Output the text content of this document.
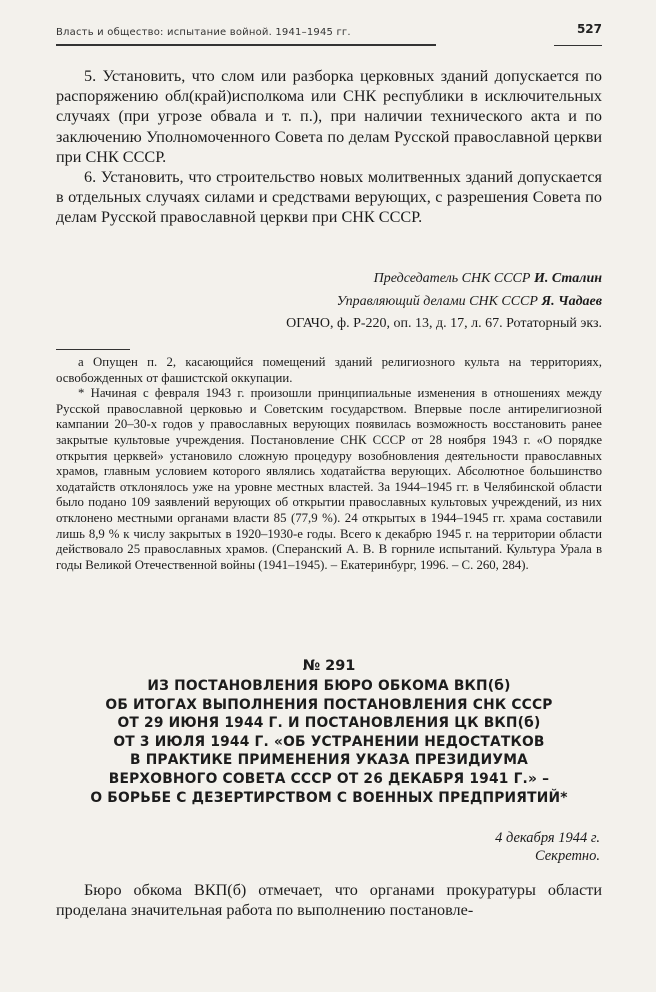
Власть и общество: испытание войной. 1941–1945 гг.	527

5. Установить, что слом или разборка церковных зданий допускается по распоряжению обл(край)исполкома или СНК республики в исключительных случаях (при угрозе обвала и т. п.), при наличии технического акта и по заключению Уполномоченного Совета по делам Русской православной церкви при СНК СССР.

6. Установить, что строительство новых молитвенных зданий допускается в отдельных случаях силами и средствами верующих, с разрешения Совета по делам Русской православной церкви при СНК СССР.

Председатель СНК СССР И. Сталин
Управляющий делами СНК СССР Я. Чадаев
ОГАЧО, ф. Р-220, оп. 13, д. 17, л. 67. Ротаторный экз.

а Опущен п. 2, касающийся помещений зданий религиозного культа на территориях, освобожденных от фашистской оккупации.

* Начиная с февраля 1943 г. произошли принципиальные изменения в отношениях между Русской православной церковью и Советским государством. Впервые после антирелигиозной кампании 20–30-х годов у православных верующих появилась возможность восстановить ранее закрытые культовые учреждения. Постановление СНК СССР от 28 ноября 1943 г. «О порядке открытия церквей» установило сложную процедуру возобновления деятельности православных храмов, главным условием которого являлись ходатайства верующих. Абсолютное большинство ходатайств отклонялось уже на уровне местных властей. За 1944–1945 гг. в Челябинской области было подано 109 заявлений верующих об открытии православных культовых учреждений, из них отклонено местными органами власти 85 (77,9 %). 24 открытых в 1944–1945 гг. храма составили лишь 8,9 % к числу закрытых в 1920–1930-е годы. Всего к декабрю 1945 г. на территории области действовало 25 православных храмов. (Сперанский А. В. В горниле испытаний. Культура Урала в годы Великой Отечественной войны (1941–1945). – Екатеринбург, 1996. – С. 260, 284).

№ 291
ИЗ ПОСТАНОВЛЕНИЯ БЮРО ОБКОМА ВКП(б)
ОБ ИТОГАХ ВЫПОЛНЕНИЯ ПОСТАНОВЛЕНИЯ СНК СССР
ОТ 29 ИЮНЯ 1944 Г. И ПОСТАНОВЛЕНИЯ ЦК ВКП(б)
ОТ 3 ИЮЛЯ 1944 Г. «ОБ УСТРАНЕНИИ НЕДОСТАТКОВ
В ПРАКТИКЕ ПРИМЕНЕНИЯ УКАЗА ПРЕЗИДИУМА
ВЕРХОВНОГО СОВЕТА СССР ОТ 26 ДЕКАБРЯ 1941 Г.» –
О БОРЬБЕ С ДЕЗЕРТИРСТВОМ С ВОЕННЫХ ПРЕДПРИЯТИЙ*
4 декабря 1944 г.
Секретно.

Бюро обкома ВКП(б) отмечает, что органами прокуратуры области проделана значительная работа по выполнению постановле-
